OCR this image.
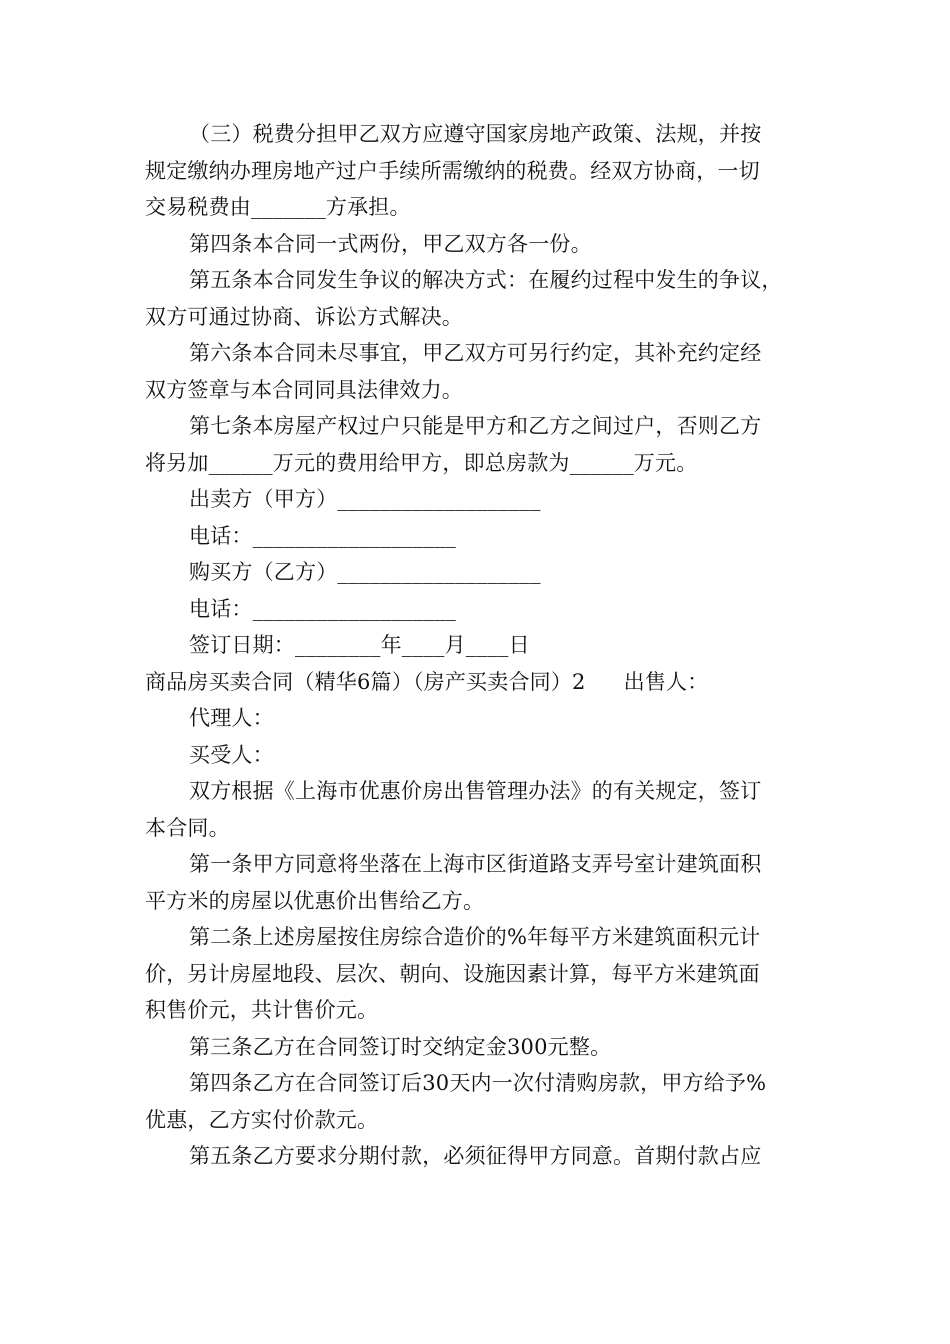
（三）税费分担甲乙双方应遵守国家房地产政策、法规，并按
规定缴纳办理房地产过户手续所需缴纳的税费。经双方协商，一切
交易税费由_______方承担。
第四条本合同一式两份，甲乙双方各一份。
第五条本合同发生争议的解决方式：在履约过程中发生的争议，
双方可通过协商、诉讼方式解决。
第六条本合同未尽事宜，甲乙双方可另行约定，其补充约定经
双方签章与本合同同具法律效力。
第七条本房屋产权过户只能是甲方和乙方之间过户，否则乙方
将另加______万元的费用给甲方，即总房款为______万元。
出卖方（甲方）___________________
电话：___________________
购买方（乙方）___________________
电话：___________________
签订日期：________年____月____日
商品房买卖合同（精华6篇）（房产买卖合同）2 出售人：
代理人：
买受人：
双方根据《上海市优惠价房出售管理办法》的有关规定，签订
本合同。
第一条甲方同意将坐落在上海市区街道路支弄号室计建筑面积
平方米的房屋以优惠价出售给乙方。
第二条上述房屋按住房综合造价的%年每平方米建筑面积元计
价，另计房屋地段、层次、朝向、设施因素计算，每平方米建筑面
积售价元，共计售价元。
第三条乙方在合同签订时交纳定金300元整。
第四条乙方在合同签订后30天内一次付清购房款，甲方给予%
优惠，乙方实付价款元。
第五条乙方要求分期付款，必须征得甲方同意。首期付款占应
